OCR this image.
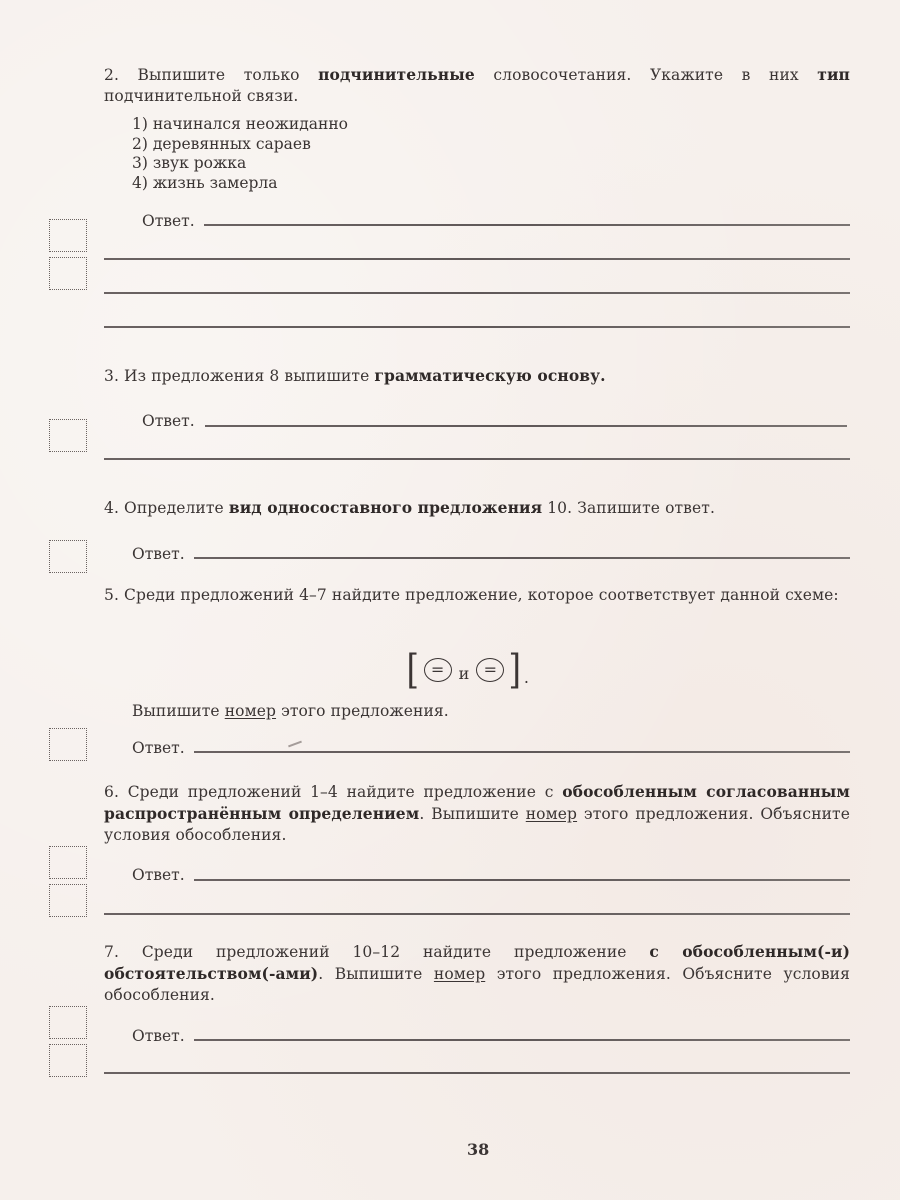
2. Выпишите только подчинительные словосочетания. Укажите в них тип подчинительной связи.
1) начинался неожиданно
2) деревянных сараев
3) звук рожка
4) жизнь замерла
Ответ.
3. Из предложения 8 выпишите грамматическую основу.
Ответ.
4. Определите вид односоставного предложения 10. Запишите ответ.
Ответ.
5. Среди предложений 4–7 найдите предложение, которое соответствует данной схеме:
[ = и = ] .
Выпишите номер этого предложения.
Ответ.
6. Среди предложений 1–4 найдите предложение с обособленным согласованным распространённым определением. Выпишите номер этого предложения. Объясните условия обособления.
Ответ.
7. Среди предложений 10–12 найдите предложение с обособленным(-и) обстоятельством(-ами). Выпишите номер этого предложения. Объясните условия обособления.
Ответ.
38
